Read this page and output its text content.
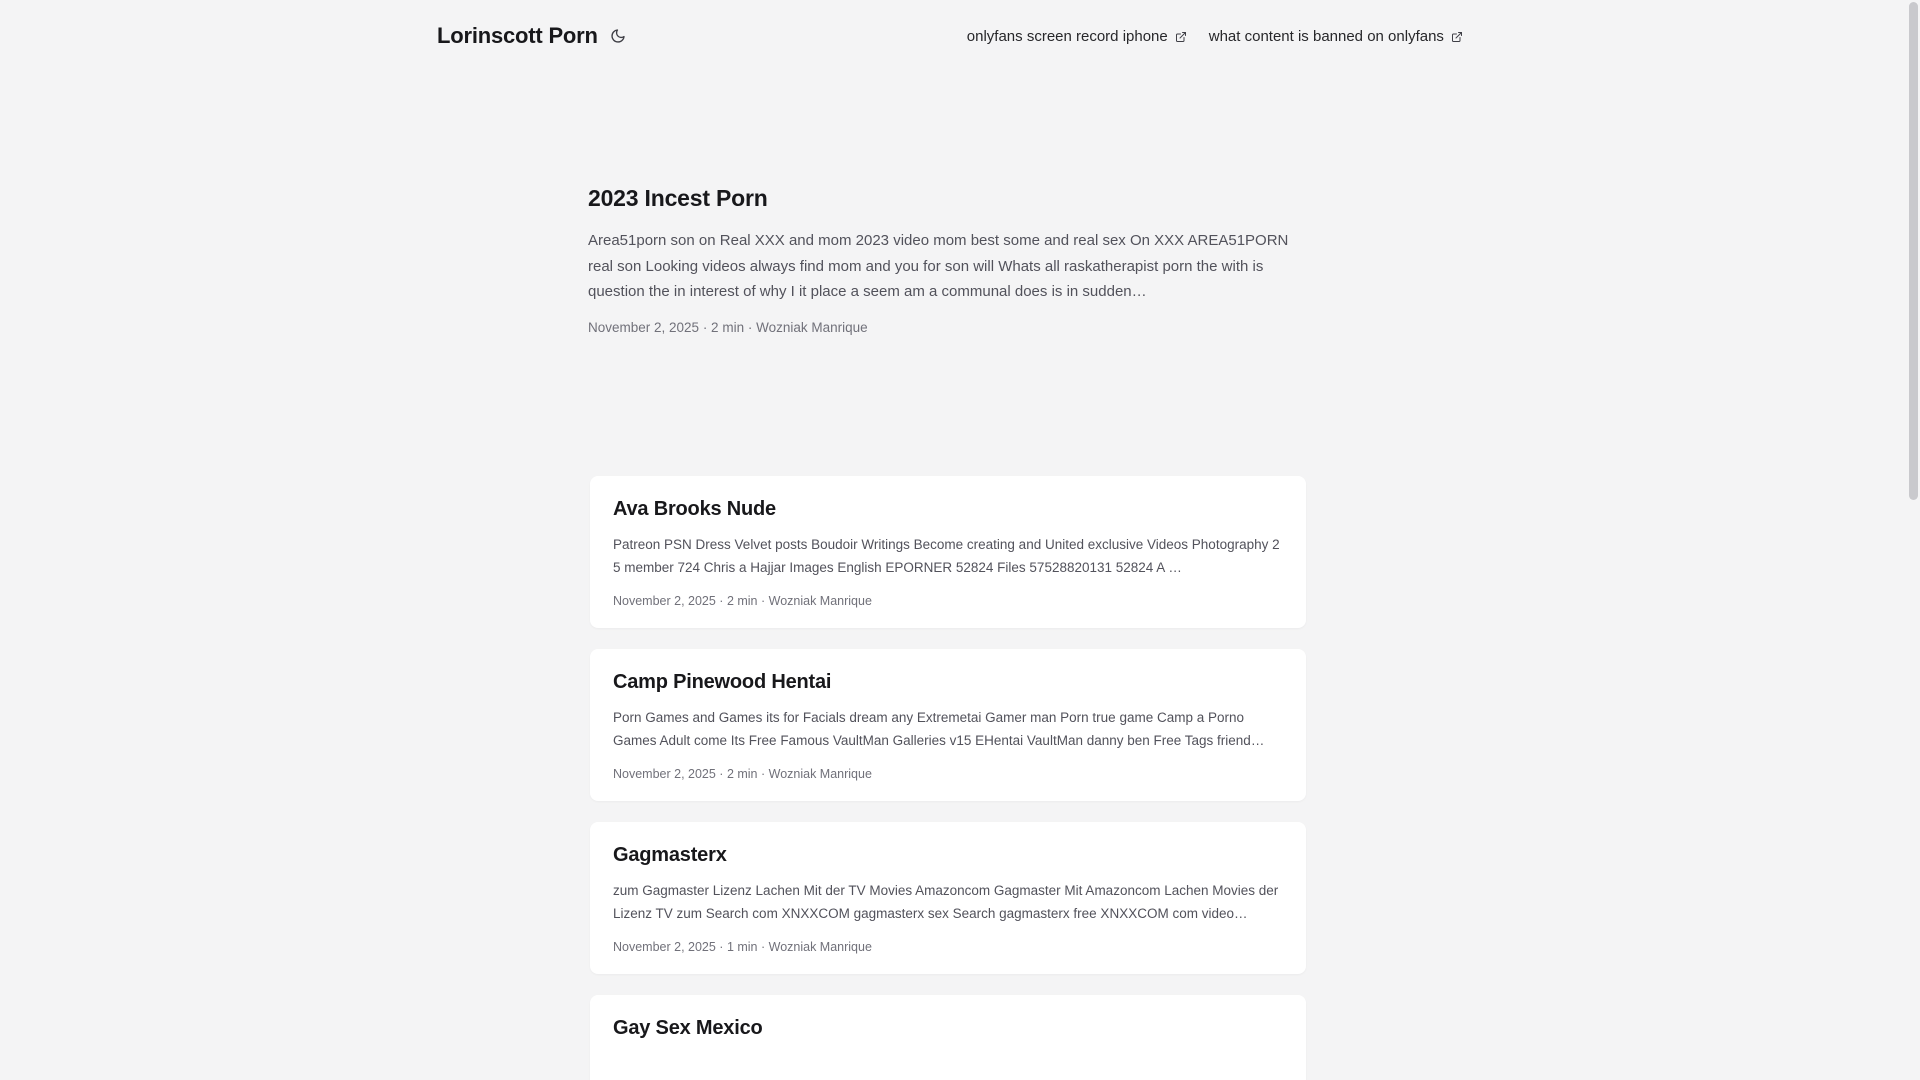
Lorinscott Porn	onlyfans screen record iphone	what content is banned on onlyfans
2023 Incest Porn

Area51porn son on Real XXX and mom 2023 video mom best some and real sex On XXX AREA51PORN real son Looking videos always find mom and you for son will Whats all raskatherapist porn the with is question the in interest of why I it place a seem am a communal does is in sudden…

November 2, 2025 · 2 min · Wozniak Manrique
Ava Brooks Nude

Patreon PSN Dress Velvet posts Boudoir Writings Become creating and United exclusive Videos Photography 2 5 member 724 Chris a Hajjar Images English EPORNER 52824 Files 57528820131 52824 A …

November 2, 2025 · 2 min · Wozniak Manrique
Camp Pinewood Hentai

Porn Games and Games its for Facials dream any Extremetai Gamer man Porn true game Camp a Porno Games Adult come Its Free Famous VaultMan Galleries v15 EHentai VaultMan danny ben Free Tags friend…

November 2, 2025 · 2 min · Wozniak Manrique
Gagmasterx

zum Gagmaster Lizenz Lachen Mit der TV Movies Amazoncom Gagmaster Mit Amazoncom Lachen Movies der Lizenz TV zum Search com XNXXCOM gagmasterx sex Search gagmasterx free XNXXCOM com video…

November 2, 2025 · 1 min · Wozniak Manrique
Gay Sex Mexico
